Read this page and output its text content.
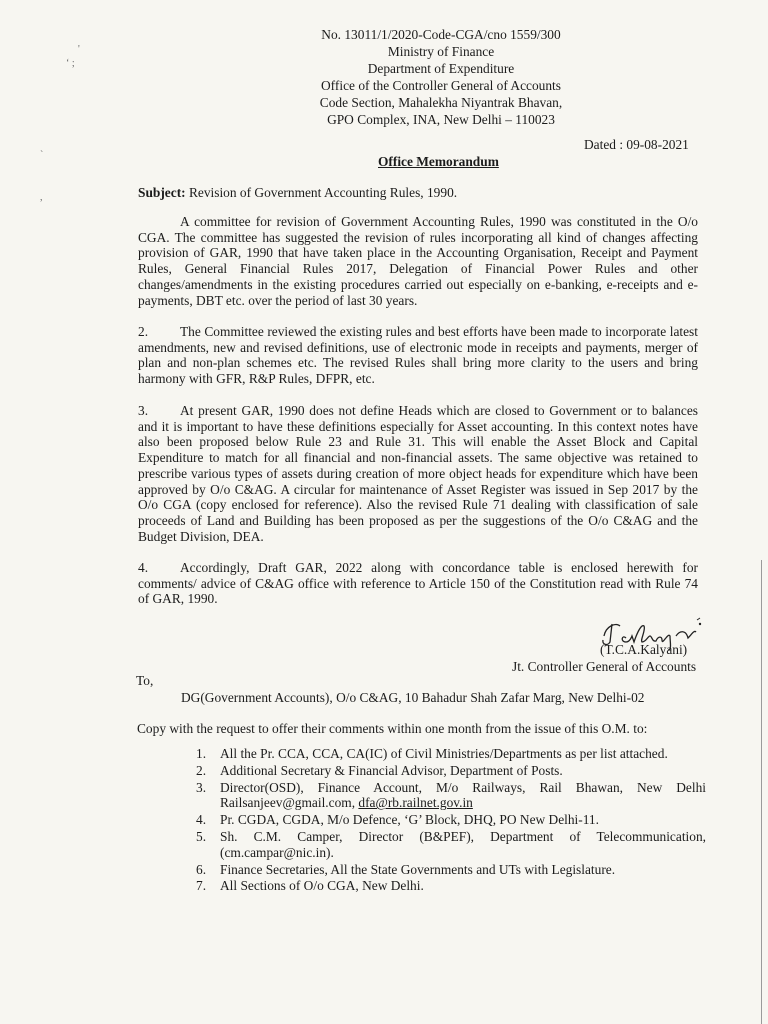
'
‘ ;
`
,
No. 13011/1/2020-Code-CGA/cno 1559/300
Ministry of Finance
Department of Expenditure
Office of the Controller General of Accounts
Code Section, Mahalekha Niyantrak Bhavan,
GPO Complex, INA, New Delhi – 110023
Dated : 09-08-2021
Office Memorandum
Subject: Revision of Government Accounting Rules, 1990.
A committee for revision of Government Accounting Rules, 1990 was constituted in the O/o CGA. The committee has suggested the revision of rules incorporating all kind of changes affecting provision of GAR, 1990 that have taken place in the Accounting Organisation, Receipt and Payment Rules, General Financial Rules 2017, Delegation of Financial Power Rules and other changes/amendments in the existing procedures carried out especially on e-banking, e-receipts and e-payments, DBT etc. over the period of last 30 years.
2. The Committee reviewed the existing rules and best efforts have been made to incorporate latest amendments, new and revised definitions, use of electronic mode in receipts and payments, merger of plan and non-plan schemes etc. The revised Rules shall bring more clarity to the users and bring harmony with GFR, R&P Rules, DFPR, etc.
3. At present GAR, 1990 does not define Heads which are closed to Government or to balances and it is important to have these definitions especially for Asset accounting. In this context notes have also been proposed below Rule 23 and Rule 31. This will enable the Asset Block and Capital Expenditure to match for all financial and non-financial assets. The same objective was retained to prescribe various types of assets during creation of more object heads for expenditure which have been approved by O/o C&AG. A circular for maintenance of Asset Register was issued in Sep 2017 by the O/o CGA (copy enclosed for reference). Also the revised Rule 71 dealing with classification of sale proceeds of Land and Building has been proposed as per the suggestions of the O/o C&AG and the Budget Division, DEA.
4. Accordingly, Draft GAR, 2022 along with concordance table is enclosed herewith for comments/ advice of C&AG office with reference to Article 150 of the Constitution read with Rule 74 of GAR, 1990.
(T.C.A.Kalyani)
Jt. Controller General of Accounts
To,
DG(Government Accounts), O/o C&AG, 10 Bahadur Shah Zafar Marg, New Delhi-02
Copy with the request to offer their comments within one month from the issue of this O.M. to:
1. All the Pr. CCA, CCA, CA(IC) of Civil Ministries/Departments as per list attached.
2. Additional Secretary & Financial Advisor, Department of Posts.
3. Director(OSD), Finance Account, M/o Railways, Rail Bhawan, New Delhi Railsanjeev@gmail.com, dfa@rb.railnet.gov.in
4. Pr. CGDA, CGDA, M/o Defence, ‘G’ Block, DHQ, PO New Delhi-11.
5. Sh. C.M. Camper, Director (B&PEF), Department of Telecommunication, (cm.campar@nic.in).
6. Finance Secretaries, All the State Governments and UTs with Legislature.
7. All Sections of O/o CGA, New Delhi.
